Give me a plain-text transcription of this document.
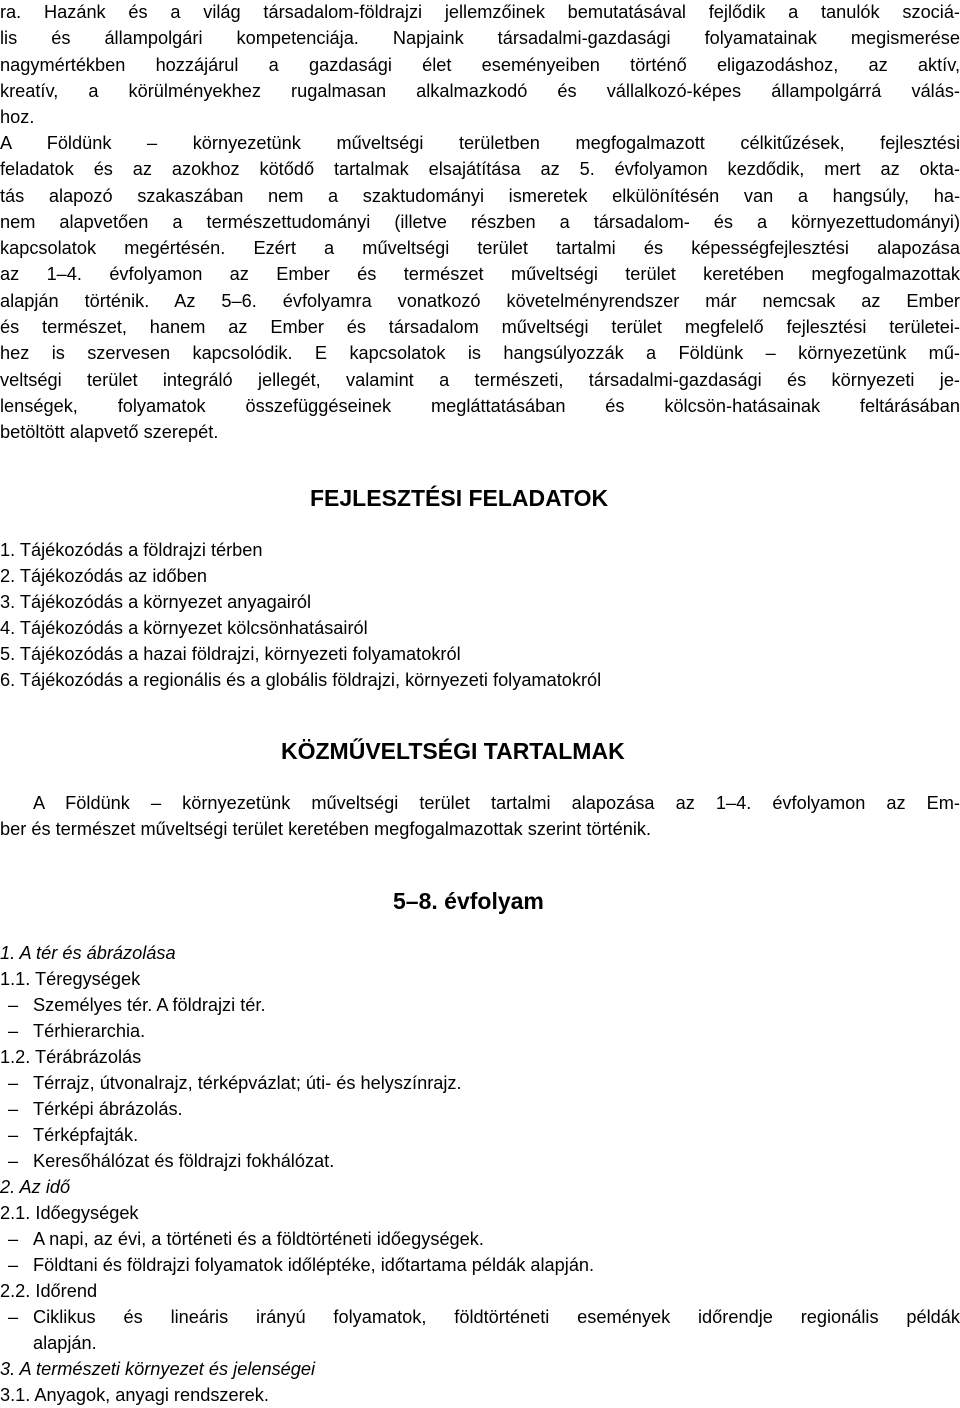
ra. Hazánk és a világ társadalom-földrajzi jellemzőinek bemutatásával fejlődik a tanulók szociá-
lis és állampolgári kompetenciája. Napjaink társadalmi-gazdasági folyamatainak megismerése
nagymértékben hozzájárul a gazdasági élet eseményeiben történő eligazodáshoz, az aktív,
kreatív, a körülményekhez rugalmasan alkalmazkodó és vállalkozó-képes állampolgárrá válás-
hoz.
A Földünk – környezetünk műveltségi területben megfogalmazott célkitűzések, fejlesztési
feladatok és az azokhoz kötődő tartalmak elsajátítása az 5. évfolyamon kezdődik, mert az okta-
tás alapozó szakaszában nem a szaktudományi ismeretek elkülönítésén van a hangsúly, ha-
nem alapvetően a természettudományi (illetve részben a társadalom- és a környezettudományi)
kapcsolatok megértésén. Ezért a műveltségi terület tartalmi és képességfejlesztési alapozása
az 1–4. évfolyamon az Ember és természet műveltségi terület keretében megfogalmazottak
alapján történik. Az 5–6. évfolyamra vonatkozó követelményrendszer már nemcsak az Ember
és természet, hanem az Ember és társadalom műveltségi terület megfelelő fejlesztési területei-
hez is szervesen kapcsolódik. E kapcsolatok is hangsúlyozzák a Földünk – környezetünk mű-
veltségi terület integráló jellegét, valamint a természeti, társadalmi-gazdasági és környezeti je-
lenségek, folyamatok összefüggéseinek megláttatásában és kölcsön-hatásainak feltárásában
betöltött alapvető szerepét.
FEJLESZTÉSI FELADATOK
1. Tájékozódás a földrajzi térben
2. Tájékozódás az időben
3. Tájékozódás a környezet anyagairól
4. Tájékozódás a környezet kölcsönhatásairól
5. Tájékozódás a hazai földrajzi, környezeti folyamatokról
6. Tájékozódás a regionális és a globális földrajzi, környezeti folyamatokról
KÖZMŰVELTSÉGI TARTALMAK
A Földünk – környezetünk műveltségi terület tartalmi alapozása az 1–4. évfolyamon az Em-
ber és természet műveltségi terület keretében megfogalmazottak szerint történik.
5–8. évfolyam
1. A tér és ábrázolása
1.1. Téregységek
– Személyes tér. A földrajzi tér.
– Térhierarchia.
1.2. Térábrázolás
– Térrajz, útvonalrajz, térképvázlat; úti- és helyszínrajz.
– Térképi ábrázolás.
– Térképfajták.
– Keresőhálózat és földrajzi fokhálózat.
2. Az idő
2.1. Időegységek
– A napi, az évi, a történeti és a földtörténeti időegységek.
– Földtani és földrajzi folyamatok időléptéke, időtartama példák alapján.
2.2. Időrend
– Ciklikus és lineáris irányú folyamatok, földtörténeti események időrendje regionális példák
alapján.
3. A természeti környezet és jelenségei
3.1. Anyagok, anyagi rendszerek.
